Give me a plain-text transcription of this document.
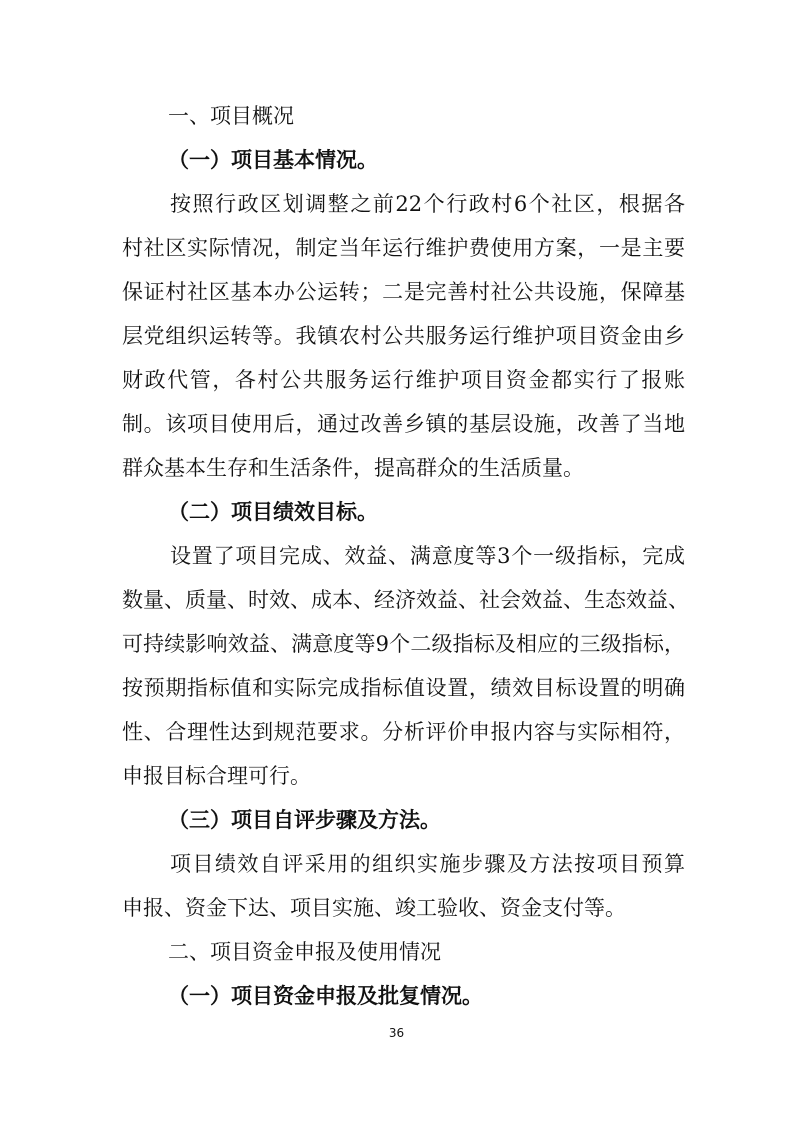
一、项目概况
（一）项目基本情况。
按照行政区划调整之前22个行政村6个社区，根据各
村社区实际情况，制定当年运行维护费使用方案，一是主要
保证村社区基本办公运转；二是完善村社公共设施，保障基
层党组织运转等。我镇农村公共服务运行维护项目资金由乡
财政代管，各村公共服务运行维护项目资金都实行了报账
制。该项目使用后，通过改善乡镇的基层设施，改善了当地
群众基本生存和生活条件，提高群众的生活质量。
（二）项目绩效目标。
设置了项目完成、效益、满意度等3个一级指标，完成
数量、质量、时效、成本、经济效益、社会效益、生态效益、
可持续影响效益、满意度等9个二级指标及相应的三级指标，
按预期指标值和实际完成指标值设置，绩效目标设置的明确
性、合理性达到规范要求。分析评价申报内容与实际相符，
申报目标合理可行。
（三）项目自评步骤及方法。
项目绩效自评采用的组织实施步骤及方法按项目预算
申报、资金下达、项目实施、竣工验收、资金支付等。
二、项目资金申报及使用情况
（一）项目资金申报及批复情况。
36
